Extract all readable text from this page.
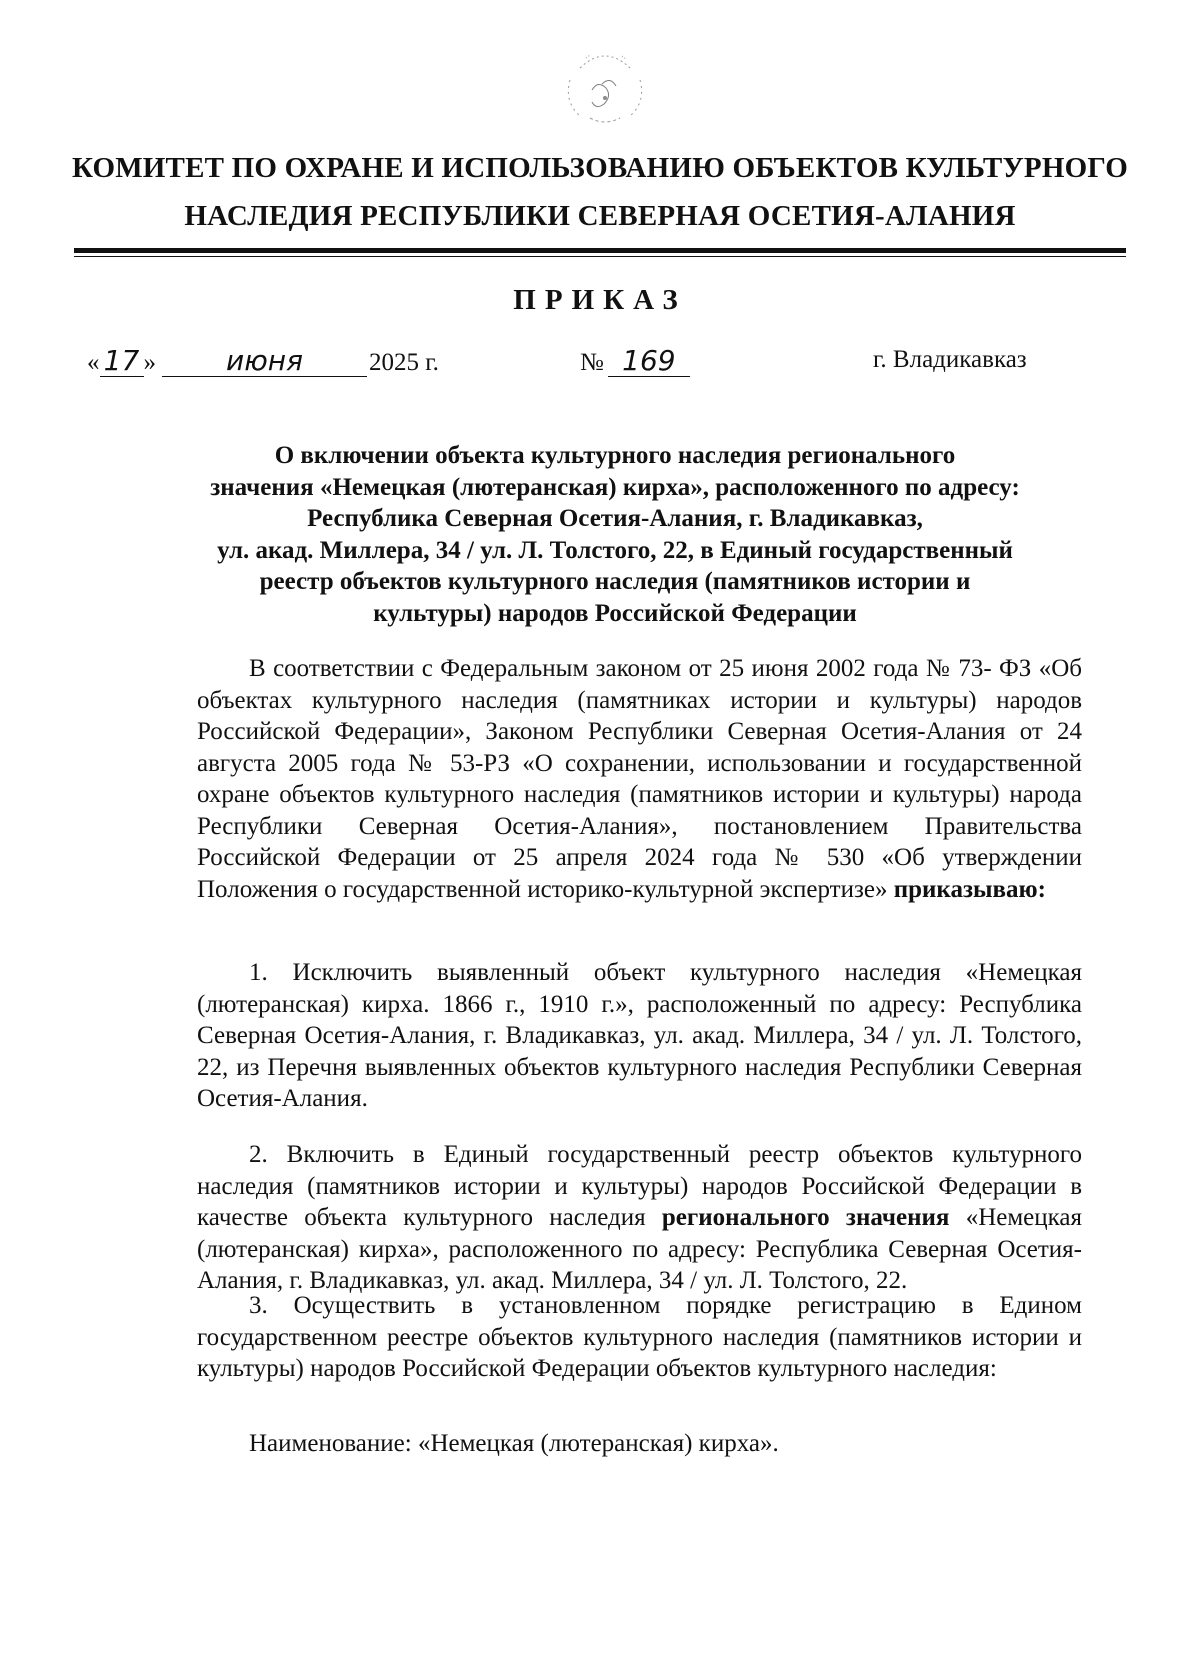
КОМИТЕТ ПО ОХРАНЕ И ИСПОЛЬЗОВАНИЮ ОБЪЕКТОВ КУЛЬТУРНОГО
НАСЛЕДИЯ РЕСПУБЛИКИ СЕВЕРНАЯ ОСЕТИЯ-АЛАНИЯ
ПРИКАЗ
« 17 »	июня	2025 г.	№ 169	г. Владикавказ
О включении объекта культурного наследия регионального
значения «Немецкая (лютеранская) кирха», расположенного по адресу:
Республика Северная Осетия-Алания, г. Владикавказ,
ул. акад. Миллера, 34 / ул. Л. Толстого, 22, в Единый государственный
реестр объектов культурного наследия (памятников истории и
культуры) народов Российской Федерации
В соответствии с Федеральным законом от 25 июня 2002 года № 73- ФЗ «Об объектах культурного наследия (памятниках истории и культуры) народов Российской Федерации», Законом Республики Северная Осетия-Алания от 24 августа 2005 года № 53-РЗ «О сохранении, использовании и государственной охране объектов культурного наследия (памятников истории и культуры) народа Республики Северная Осетия-Алания», постановлением Правительства Российской Федерации от 25 апреля 2024 года № 530 «Об утверждении Положения о государственной историко-культурной экспертизе» приказываю:
1. Исключить выявленный объект культурного наследия «Немецкая (лютеранская) кирха. 1866 г., 1910 г.», расположенный по адресу: Республика Северная Осетия-Алания, г. Владикавказ, ул. акад. Миллера, 34 / ул. Л. Толстого, 22, из Перечня выявленных объектов культурного наследия Республики Северная Осетия-Алания.
2. Включить в Единый государственный реестр объектов культурного наследия (памятников истории и культуры) народов Российской Федерации в качестве объекта культурного наследия регионального значения «Немецкая (лютеранская) кирха», расположенного по адресу: Республика Северная Осетия-Алания, г. Владикавказ, ул. акад. Миллера, 34 / ул. Л. Толстого, 22.
3. Осуществить в установленном порядке регистрацию в Едином государственном реестре объектов культурного наследия (памятников истории и культуры) народов Российской Федерации объектов культурного наследия:
Наименование: «Немецкая (лютеранская) кирха».
